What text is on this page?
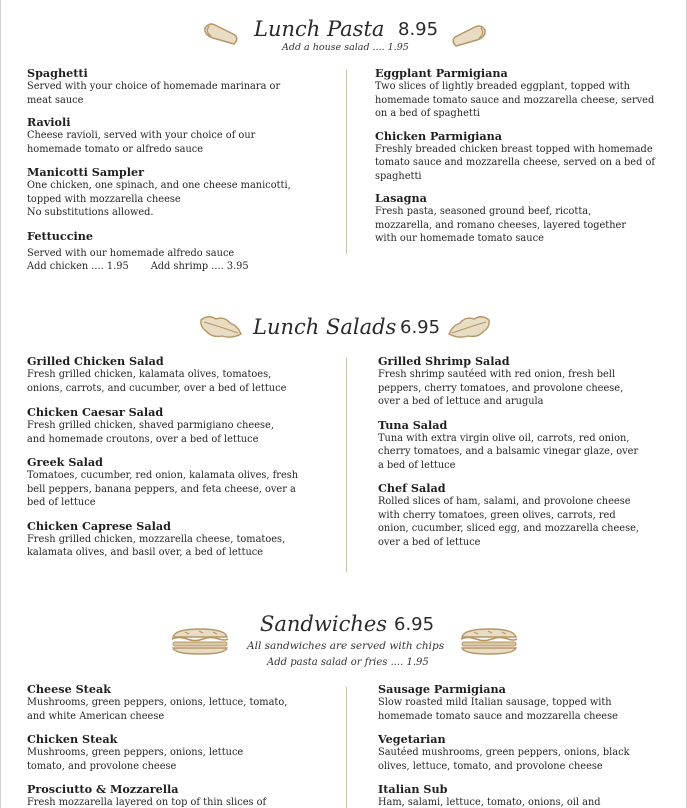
Lunch Pasta 8.95
Add a house salad .... 1.95
Spaghetti
Served with your choice of homemade marinara or
meat sauce
Ravioli
Cheese ravioli, served with your choice of our
homemade tomato or alfredo sauce
Manicotti Sampler
One chicken, one spinach, and one cheese manicotti,
topped with mozzarella cheese
No substitutions allowed.
Fettuccine
Served with our homemade alfredo sauce
Add chicken .... 1.95 Add shrimp .... 3.95
Eggplant Parmigiana
Two slices of lightly breaded eggplant, topped with
homemade tomato sauce and mozzarella cheese, served
on a bed of spaghetti
Chicken Parmigiana
Freshly breaded chicken breast topped with homemade
tomato sauce and mozzarella cheese, served on a bed of
spaghetti
Lasagna
Fresh pasta, seasoned ground beef, ricotta,
mozzarella, and romano cheeses, layered together
with our homemade tomato sauce
Lunch Salads 6.95
Grilled Chicken Salad
Fresh grilled chicken, kalamata olives, tomatoes,
onions, carrots, and cucumber, over a bed of lettuce
Chicken Caesar Salad
Fresh grilled chicken, shaved parmigiano cheese,
and homemade croutons, over a bed of lettuce
Greek Salad
Tomatoes, cucumber, red onion, kalamata olives, fresh
bell peppers, banana peppers, and feta cheese, over a
bed of lettuce
Chicken Caprese Salad
Fresh grilled chicken, mozzarella cheese, tomatoes,
kalamata olives, and basil over, a bed of lettuce
Grilled Shrimp Salad
Fresh shrimp sautéed with red onion, fresh bell
peppers, cherry tomatoes, and provolone cheese,
over a bed of lettuce and arugula
Tuna Salad
Tuna with extra virgin olive oil, carrots, red onion,
cherry tomatoes, and a balsamic vinegar glaze, over
a bed of lettuce
Chef Salad
Rolled slices of ham, salami, and provolone cheese
with cherry tomatoes, green olives, carrots, red
onion, cucumber, sliced egg, and mozzarella cheese,
over a bed of lettuce
Sandwiches 6.95
All sandwiches are served with chips
Add pasta salad or fries .... 1.95
Cheese Steak
Mushrooms, green peppers, onions, lettuce, tomato,
and white American cheese
Chicken Steak
Mushrooms, green peppers, onions, lettuce
tomato, and provolone cheese
Prosciutto & Mozzarella
Fresh mozzarella layered on top of thin slices of
Sausage Parmigiana
Slow roasted mild Italian sausage, topped with
homemade tomato sauce and mozzarella cheese
Vegetarian
Sautéed mushrooms, green peppers, onions, black
olives, lettuce, tomato, and provolone cheese
Italian Sub
Ham, salami, lettuce, tomato, onions, oil and
